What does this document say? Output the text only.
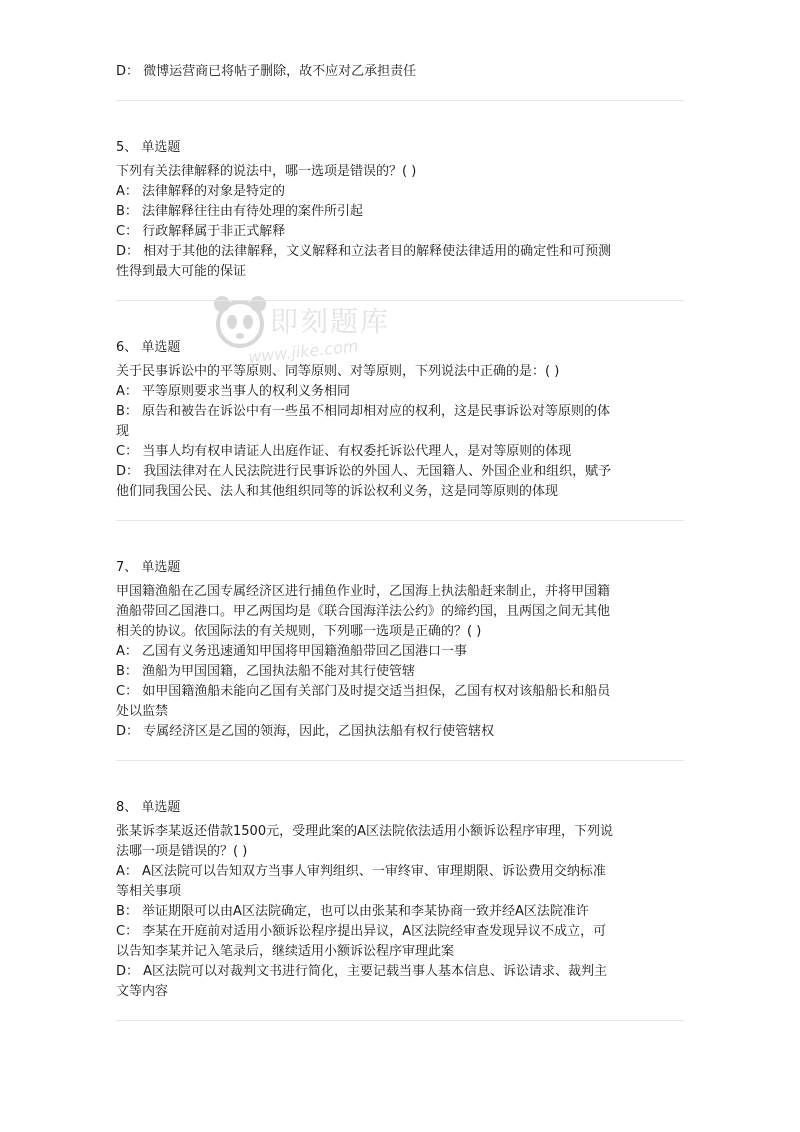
即刻题库
www.jike.com
D： 微博运营商已将帖子删除，故不应对乙承担责任
5、 单选题
下列有关法律解释的说法中，哪一选项是错误的？( )
A： 法律解释的对象是特定的
B： 法律解释往往由有待处理的案件所引起
C： 行政解释属于非正式解释
D： 相对于其他的法律解释，文义解释和立法者目的解释使法律适用的确定性和可预测
性得到最大可能的保证
6、 单选题
关于民事诉讼中的平等原则、同等原则、对等原则，下列说法中正确的是：( )
A： 平等原则要求当事人的权利义务相同
B： 原告和被告在诉讼中有一些虽不相同却相对应的权利，这是民事诉讼对等原则的体
现
C： 当事人均有权申请证人出庭作证、有权委托诉讼代理人，是对等原则的体现
D： 我国法律对在人民法院进行民事诉讼的外国人、无国籍人、外国企业和组织，赋予
他们同我国公民、法人和其他组织同等的诉讼权利义务，这是同等原则的体现
7、 单选题
甲国籍渔船在乙国专属经济区进行捕鱼作业时，乙国海上执法船赶来制止，并将甲国籍
渔船带回乙国港口。甲乙两国均是《联合国海洋法公约》的缔约国，且两国之间无其他
相关的协议。依国际法的有关规则，下列哪一选项是正确的？( )
A： 乙国有义务迅速通知甲国将甲国籍渔船带回乙国港口一事
B： 渔船为甲国国籍，乙国执法船不能对其行使管辖
C： 如甲国籍渔船未能向乙国有关部门及时提交适当担保，乙国有权对该船船长和船员
处以监禁
D： 专属经济区是乙国的领海，因此，乙国执法船有权行使管辖权
8、 单选题
张某诉李某返还借款1500元，受理此案的A区法院依法适用小额诉讼程序审理，下列说
法哪一项是错误的？( )
A： A区法院可以告知双方当事人审判组织、一审终审、审理期限、诉讼费用交纳标准
等相关事项
B： 举证期限可以由A区法院确定，也可以由张某和李某协商一致并经A区法院准许
C： 李某在开庭前对适用小额诉讼程序提出异议，A区法院经审查发现异议不成立，可
以告知李某并记入笔录后，继续适用小额诉讼程序审理此案
D： A区法院可以对裁判文书进行简化，主要记载当事人基本信息、诉讼请求、裁判主
文等内容
